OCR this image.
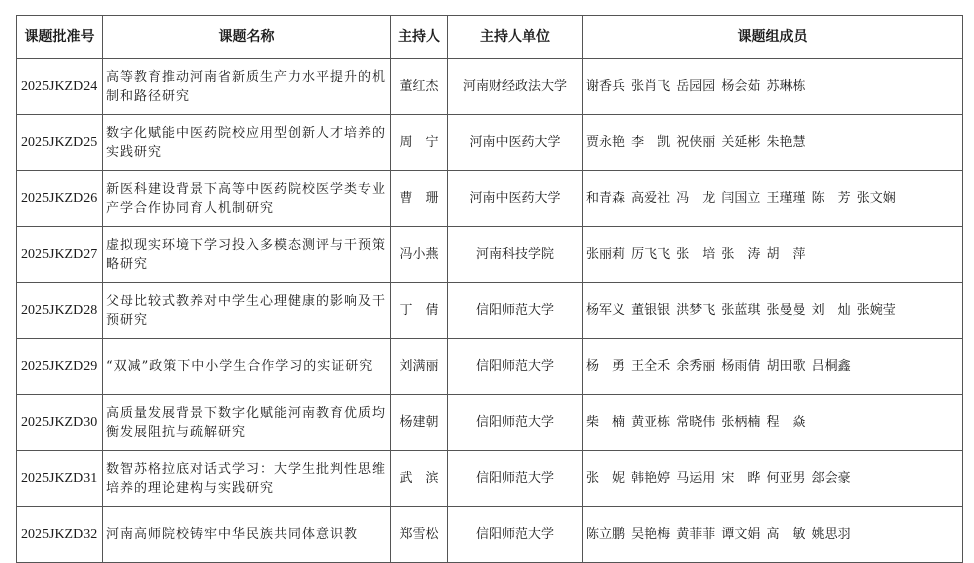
课题批准号	课题名称	主持人	主持人单位	课题组成员
2025JKZD24	高等教育推动河南省新质生产力水平提升的机制和路径研究	董红杰	河南财经政法大学	谢香兵 张肖飞 岳园园 杨会茹 苏琳栋
2025JKZD25	数字化赋能中医药院校应用型创新人才培养的实践研究	周　宁	河南中医药大学	贾永艳 李　凯 祝侠丽 关延彬 朱艳慧
2025JKZD26	新医科建设背景下高等中医药院校医学类专业产学合作协同育人机制研究	曹　珊	河南中医药大学	和青森 高爱社 冯　龙 闫国立 王瑾瑾 陈　芳 张文娴
2025JKZD27	虚拟现实环境下学习投入多模态测评与干预策略研究	冯小燕	河南科技学院	张丽莉 厉飞飞 张　培 张　涛 胡　萍
2025JKZD28	父母比较式教养对中学生心理健康的影响及干预研究	丁　倩	信阳师范大学	杨军义 董银银 洪梦飞 张蓝琪 张曼曼 刘　灿 张婉莹
2025JKZD29	“双减”政策下中小学生合作学习的实证研究	刘满丽	信阳师范大学	杨　勇 王全禾 余秀丽 杨雨倩 胡田歌 吕桐鑫
2025JKZD30	高质量发展背景下数字化赋能河南教育优质均衡发展阻抗与疏解研究	杨建朝	信阳师范大学	柴　楠 黄亚栋 常晓伟 张柄楠 程　焱
2025JKZD31	数智苏格拉底对话式学习：大学生批判性思维培养的理论建构与实践研究	武　滨	信阳师范大学	张　妮 韩艳婷 马运用 宋　晔 何亚男 郐会豪
2025JKZD32	河南高师院校铸牢中华民族共同体意识教	郑雪松	信阳师范大学	陈立鹏 吴艳梅 黄菲菲 谭文娟 高　敏 姚思羽
